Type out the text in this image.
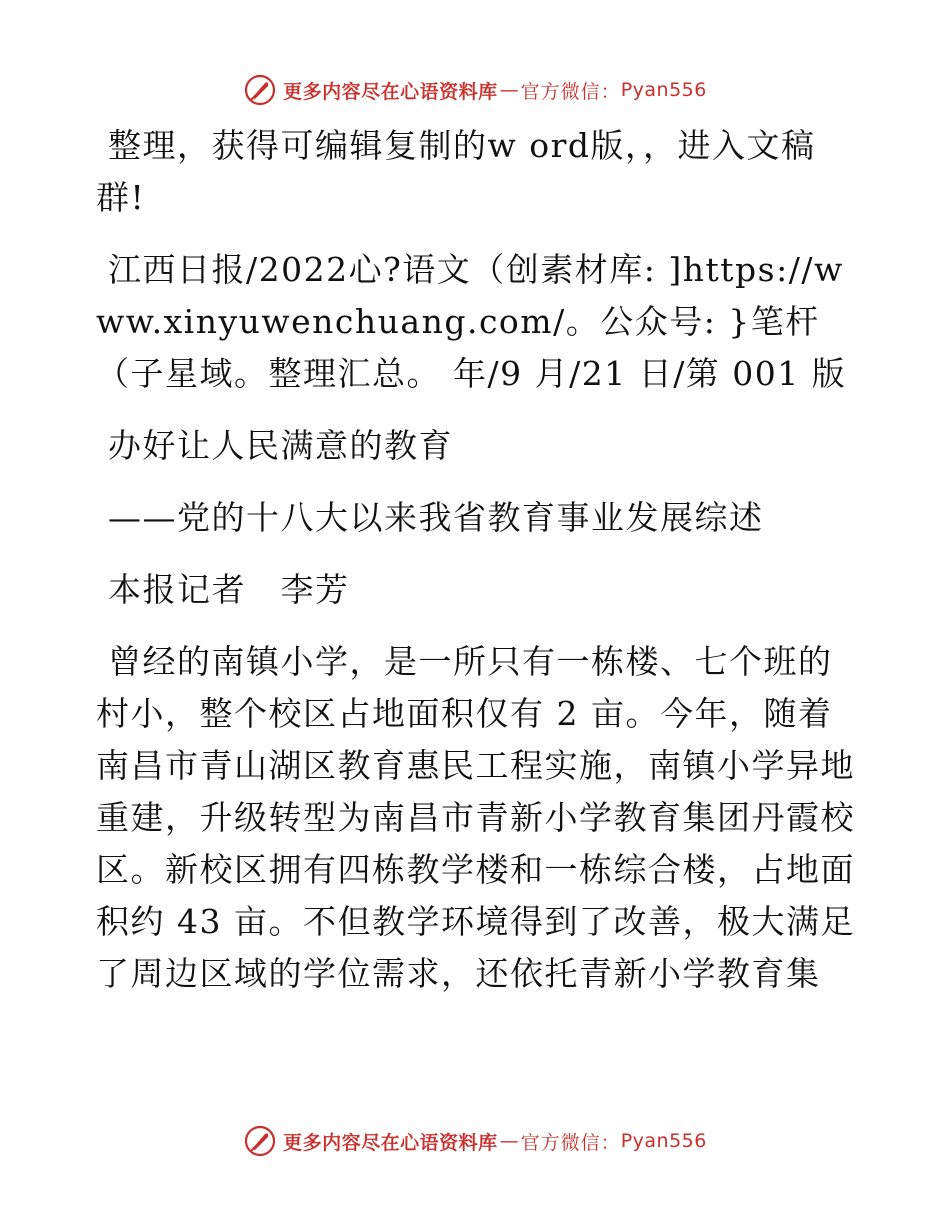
更多内容尽在心语资料库 — 官方微信： Pyan556

整理，获得可编辑复制的w ord版，，进入文稿群!

江西日报/2022心?语文（创素材库: ]https://www.xinyuwenchuang.com/。公众号: }笔杆（子星域。整理汇总。 年/9 月/21 日/第 001 版

办好让人民满意的教育

——党的十八大以来我省教育事业发展综述

本报记者　李芳

曾经的南镇小学，是一所只有一栋楼、七个班的村小，整个校区占地面积仅有 2 亩。今年，随着南昌市青山湖区教育惠民工程实施，南镇小学异地重建，升级转型为南昌市青新小学教育集团丹霞校区。新校区拥有四栋教学楼和一栋综合楼，占地面积约 43 亩。不但教学环境得到了改善，极大满足了周边区域的学位需求，还依托青新小学教育集

更多内容尽在心语资料库 — 官方微信： Pyan556
